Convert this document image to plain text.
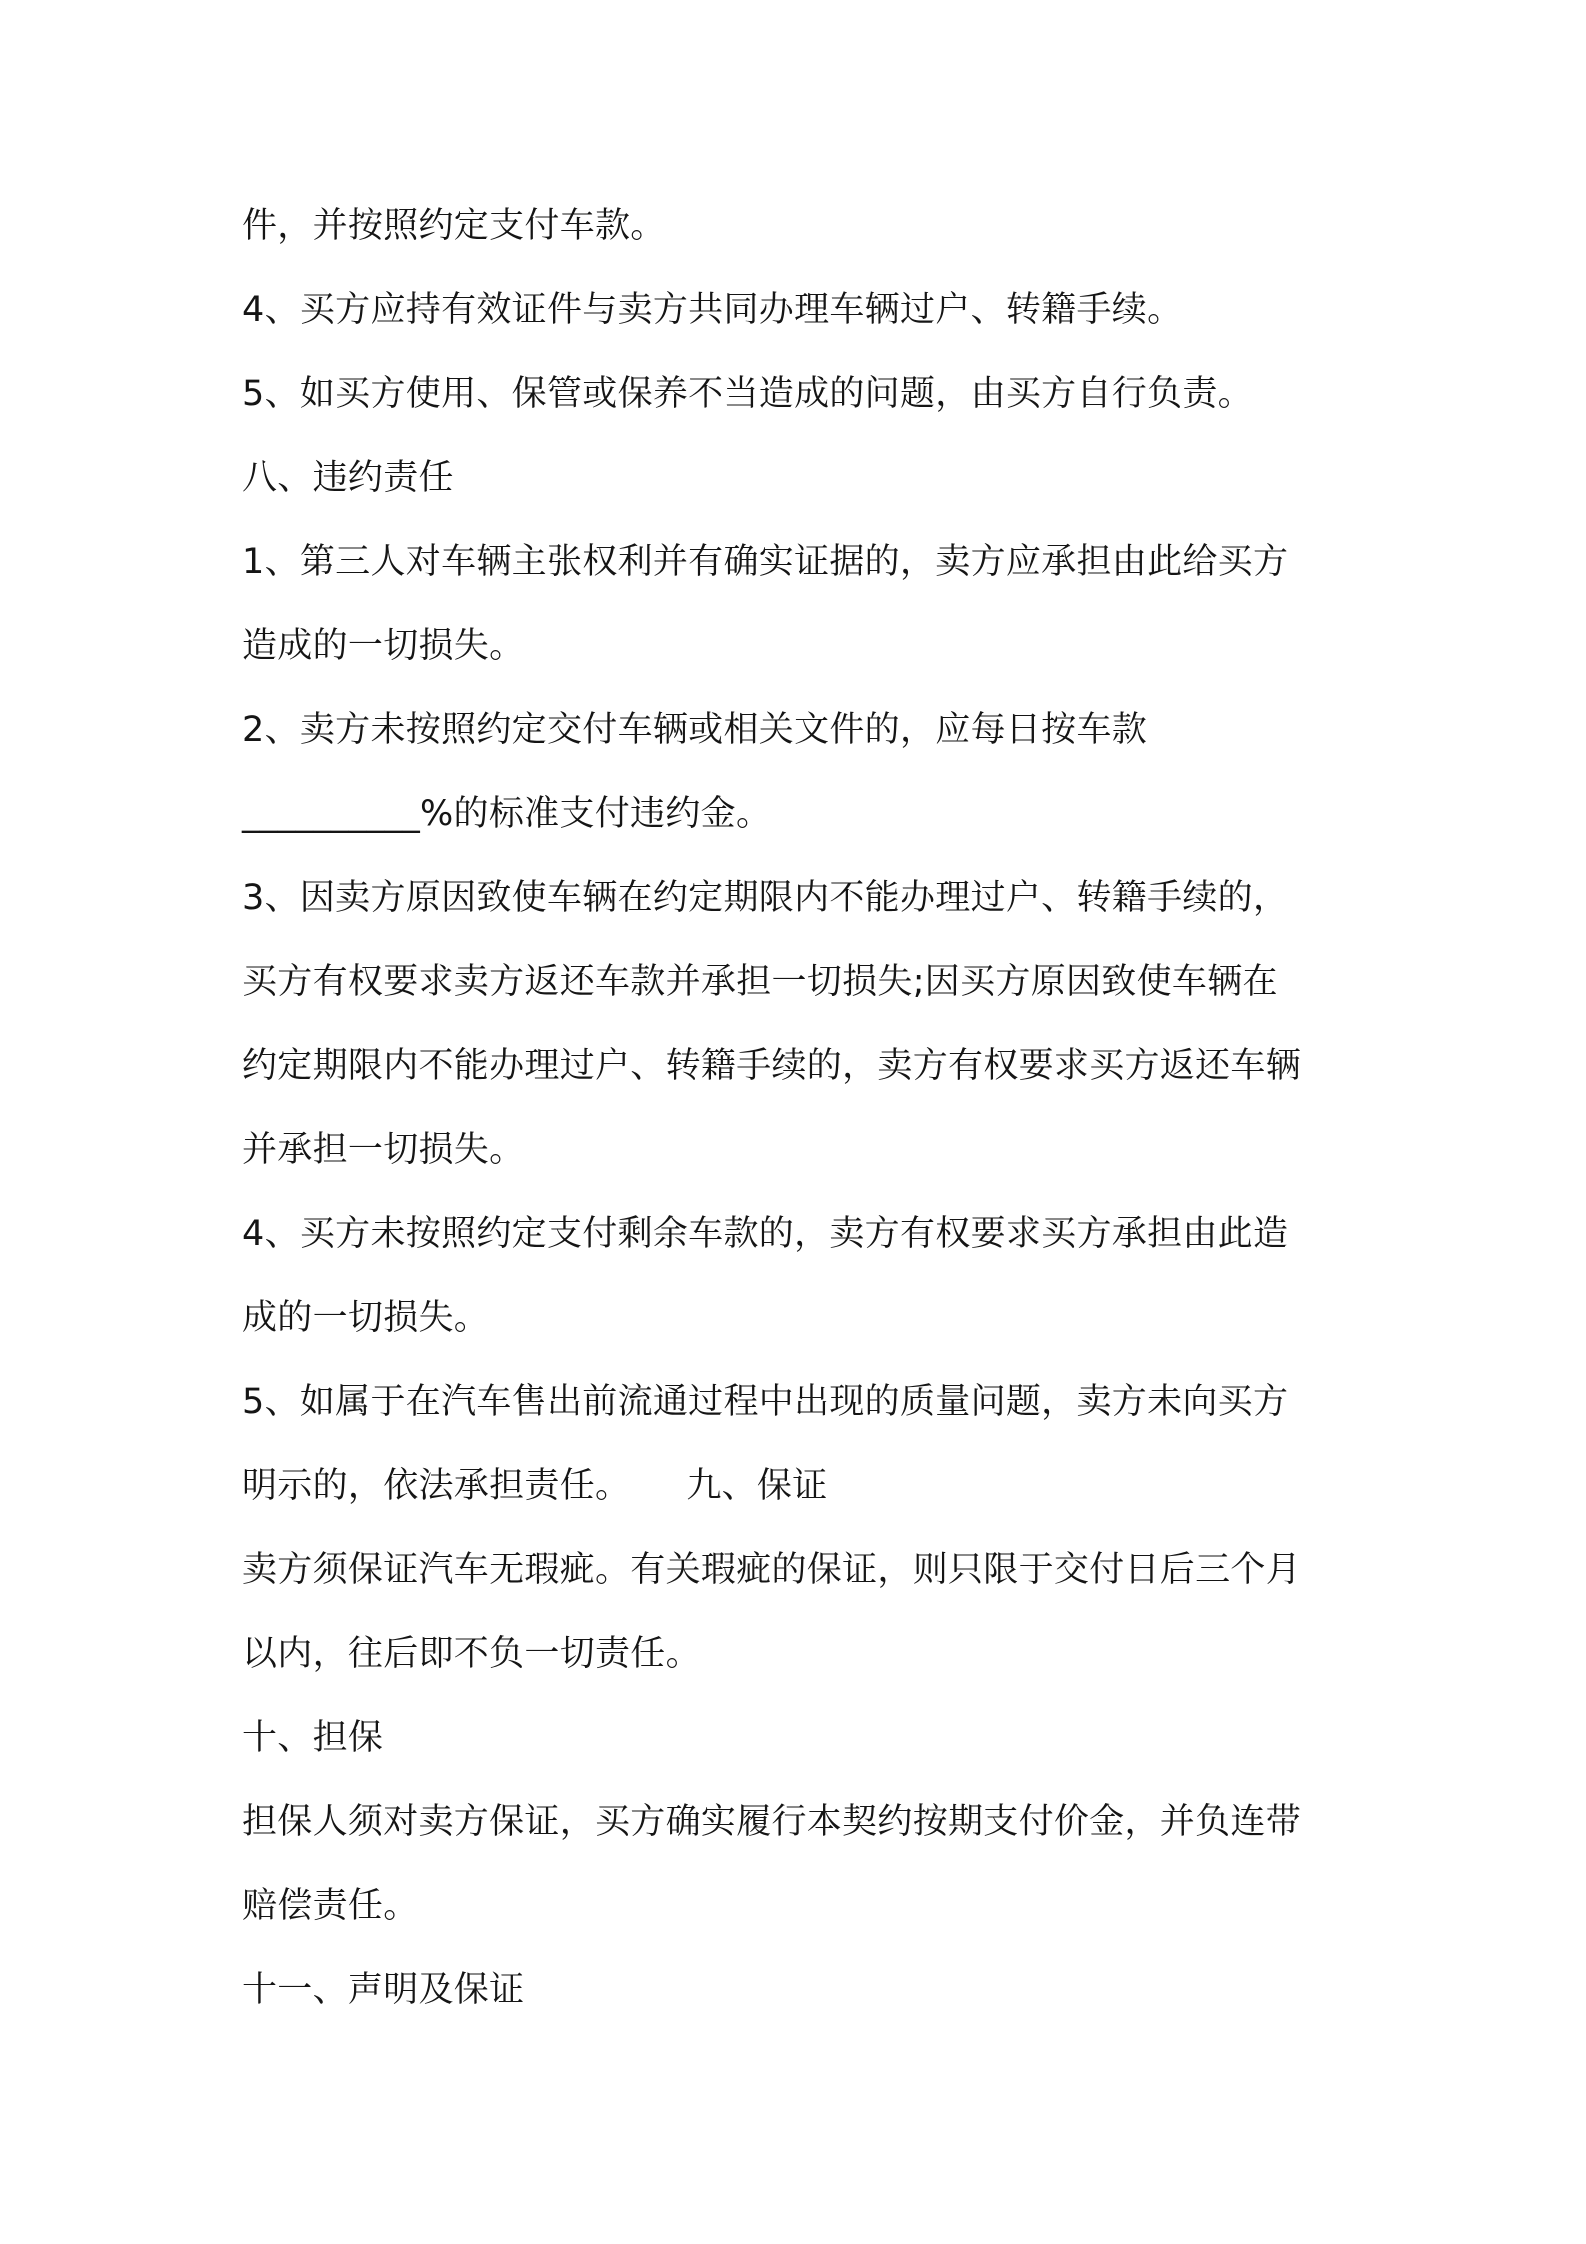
件，并按照约定支付车款。

4、买方应持有效证件与卖方共同办理车辆过户、转籍手续。

5、如买方使用、保管或保养不当造成的问题，由买方自行负责。

八、违约责任

1、第三人对车辆主张权利并有确实证据的，卖方应承担由此给买方

造成的一切损失。

2、卖方未按照约定交付车辆或相关文件的，应每日按车款

__________%的标准支付违约金。

3、因卖方原因致使车辆在约定期限内不能办理过户、转籍手续的，

买方有权要求卖方返还车款并承担一切损失;因买方原因致使车辆在

约定期限内不能办理过户、转籍手续的，卖方有权要求买方返还车辆

并承担一切损失。

4、买方未按照约定支付剩余车款的，卖方有权要求买方承担由此造

成的一切损失。

5、如属于在汽车售出前流通过程中出现的质量问题，卖方未向买方

明示的，依法承担责任。 九、保证

卖方须保证汽车无瑕疵。有关瑕疵的保证，则只限于交付日后三个月

以内，往后即不负一切责任。

十、担保

担保人须对卖方保证，买方确实履行本契约按期支付价金，并负连带

赔偿责任。

十一、声明及保证
